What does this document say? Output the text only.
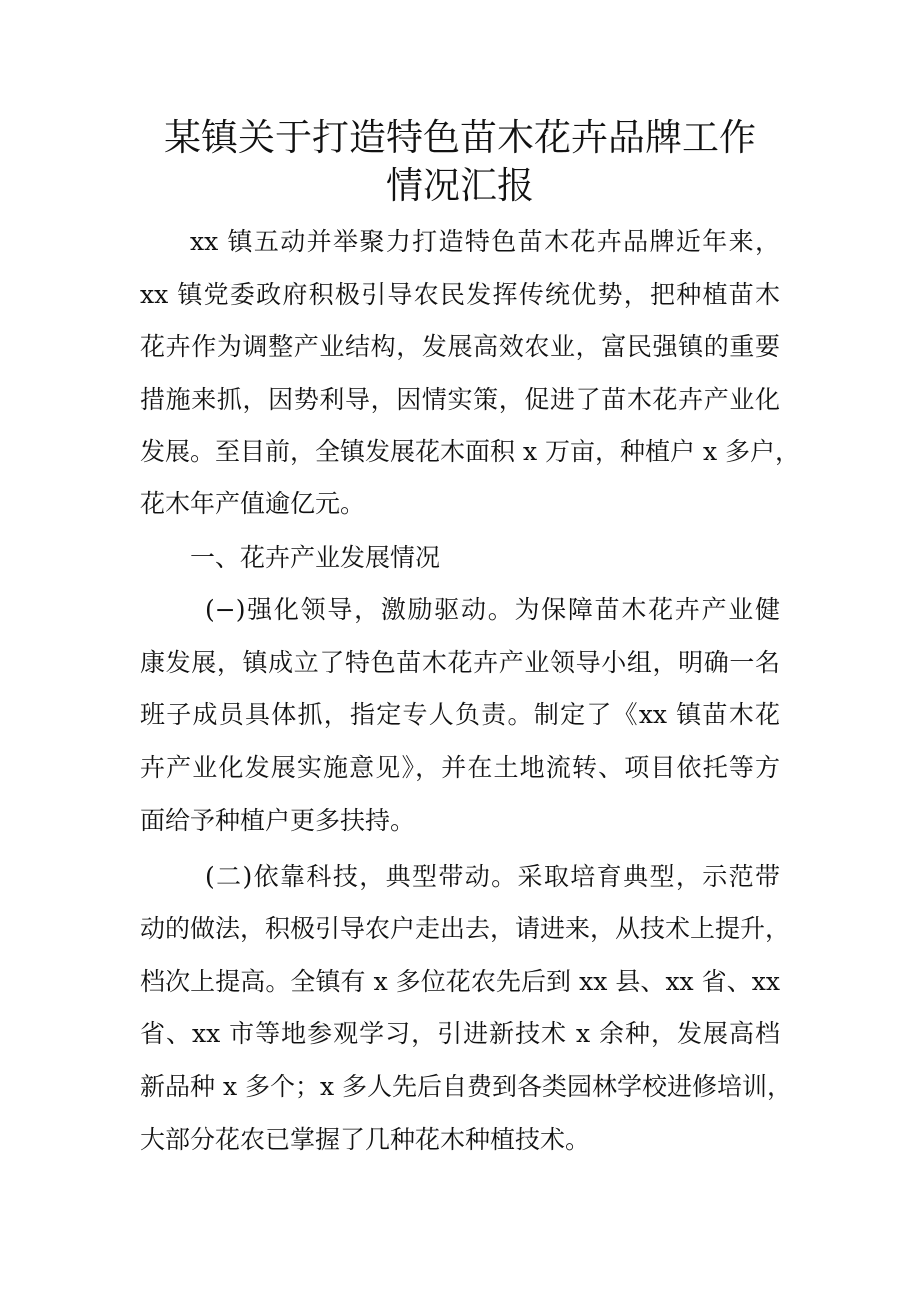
某镇关于打造特色苗木花卉品牌工作
情况汇报
xx 镇五动并举聚力打造特色苗木花卉品牌近年来，
xx 镇党委政府积极引导农民发挥传统优势，把种植苗木
花卉作为调整产业结构，发展高效农业，富民强镇的重要
措施来抓，因势利导，因情实策，促进了苗木花卉产业化
发展。至目前，全镇发展花木面积 x 万亩，种植户 x 多户，
花木年产值逾亿元。
一、花卉产业发展情况
(−)强化领导，激励驱动。为保障苗木花卉产业健
康发展，镇成立了特色苗木花卉产业领导小组，明确一名
班子成员具体抓，指定专人负责。制定了《xx 镇苗木花
卉产业化发展实施意见》，并在土地流转、项目依托等方
面给予种植户更多扶持。
(二)依靠科技，典型带动。采取培育典型，示范带
动的做法，积极引导农户走出去，请进来，从技术上提升，
档次上提高。全镇有 x 多位花农先后到 xx 县、xx 省、xx
省、xx 市等地参观学习，引进新技术 x 余种，发展高档
新品种 x 多个；x 多人先后自费到各类园林学校进修培训，
大部分花农已掌握了几种花木种植技术。
